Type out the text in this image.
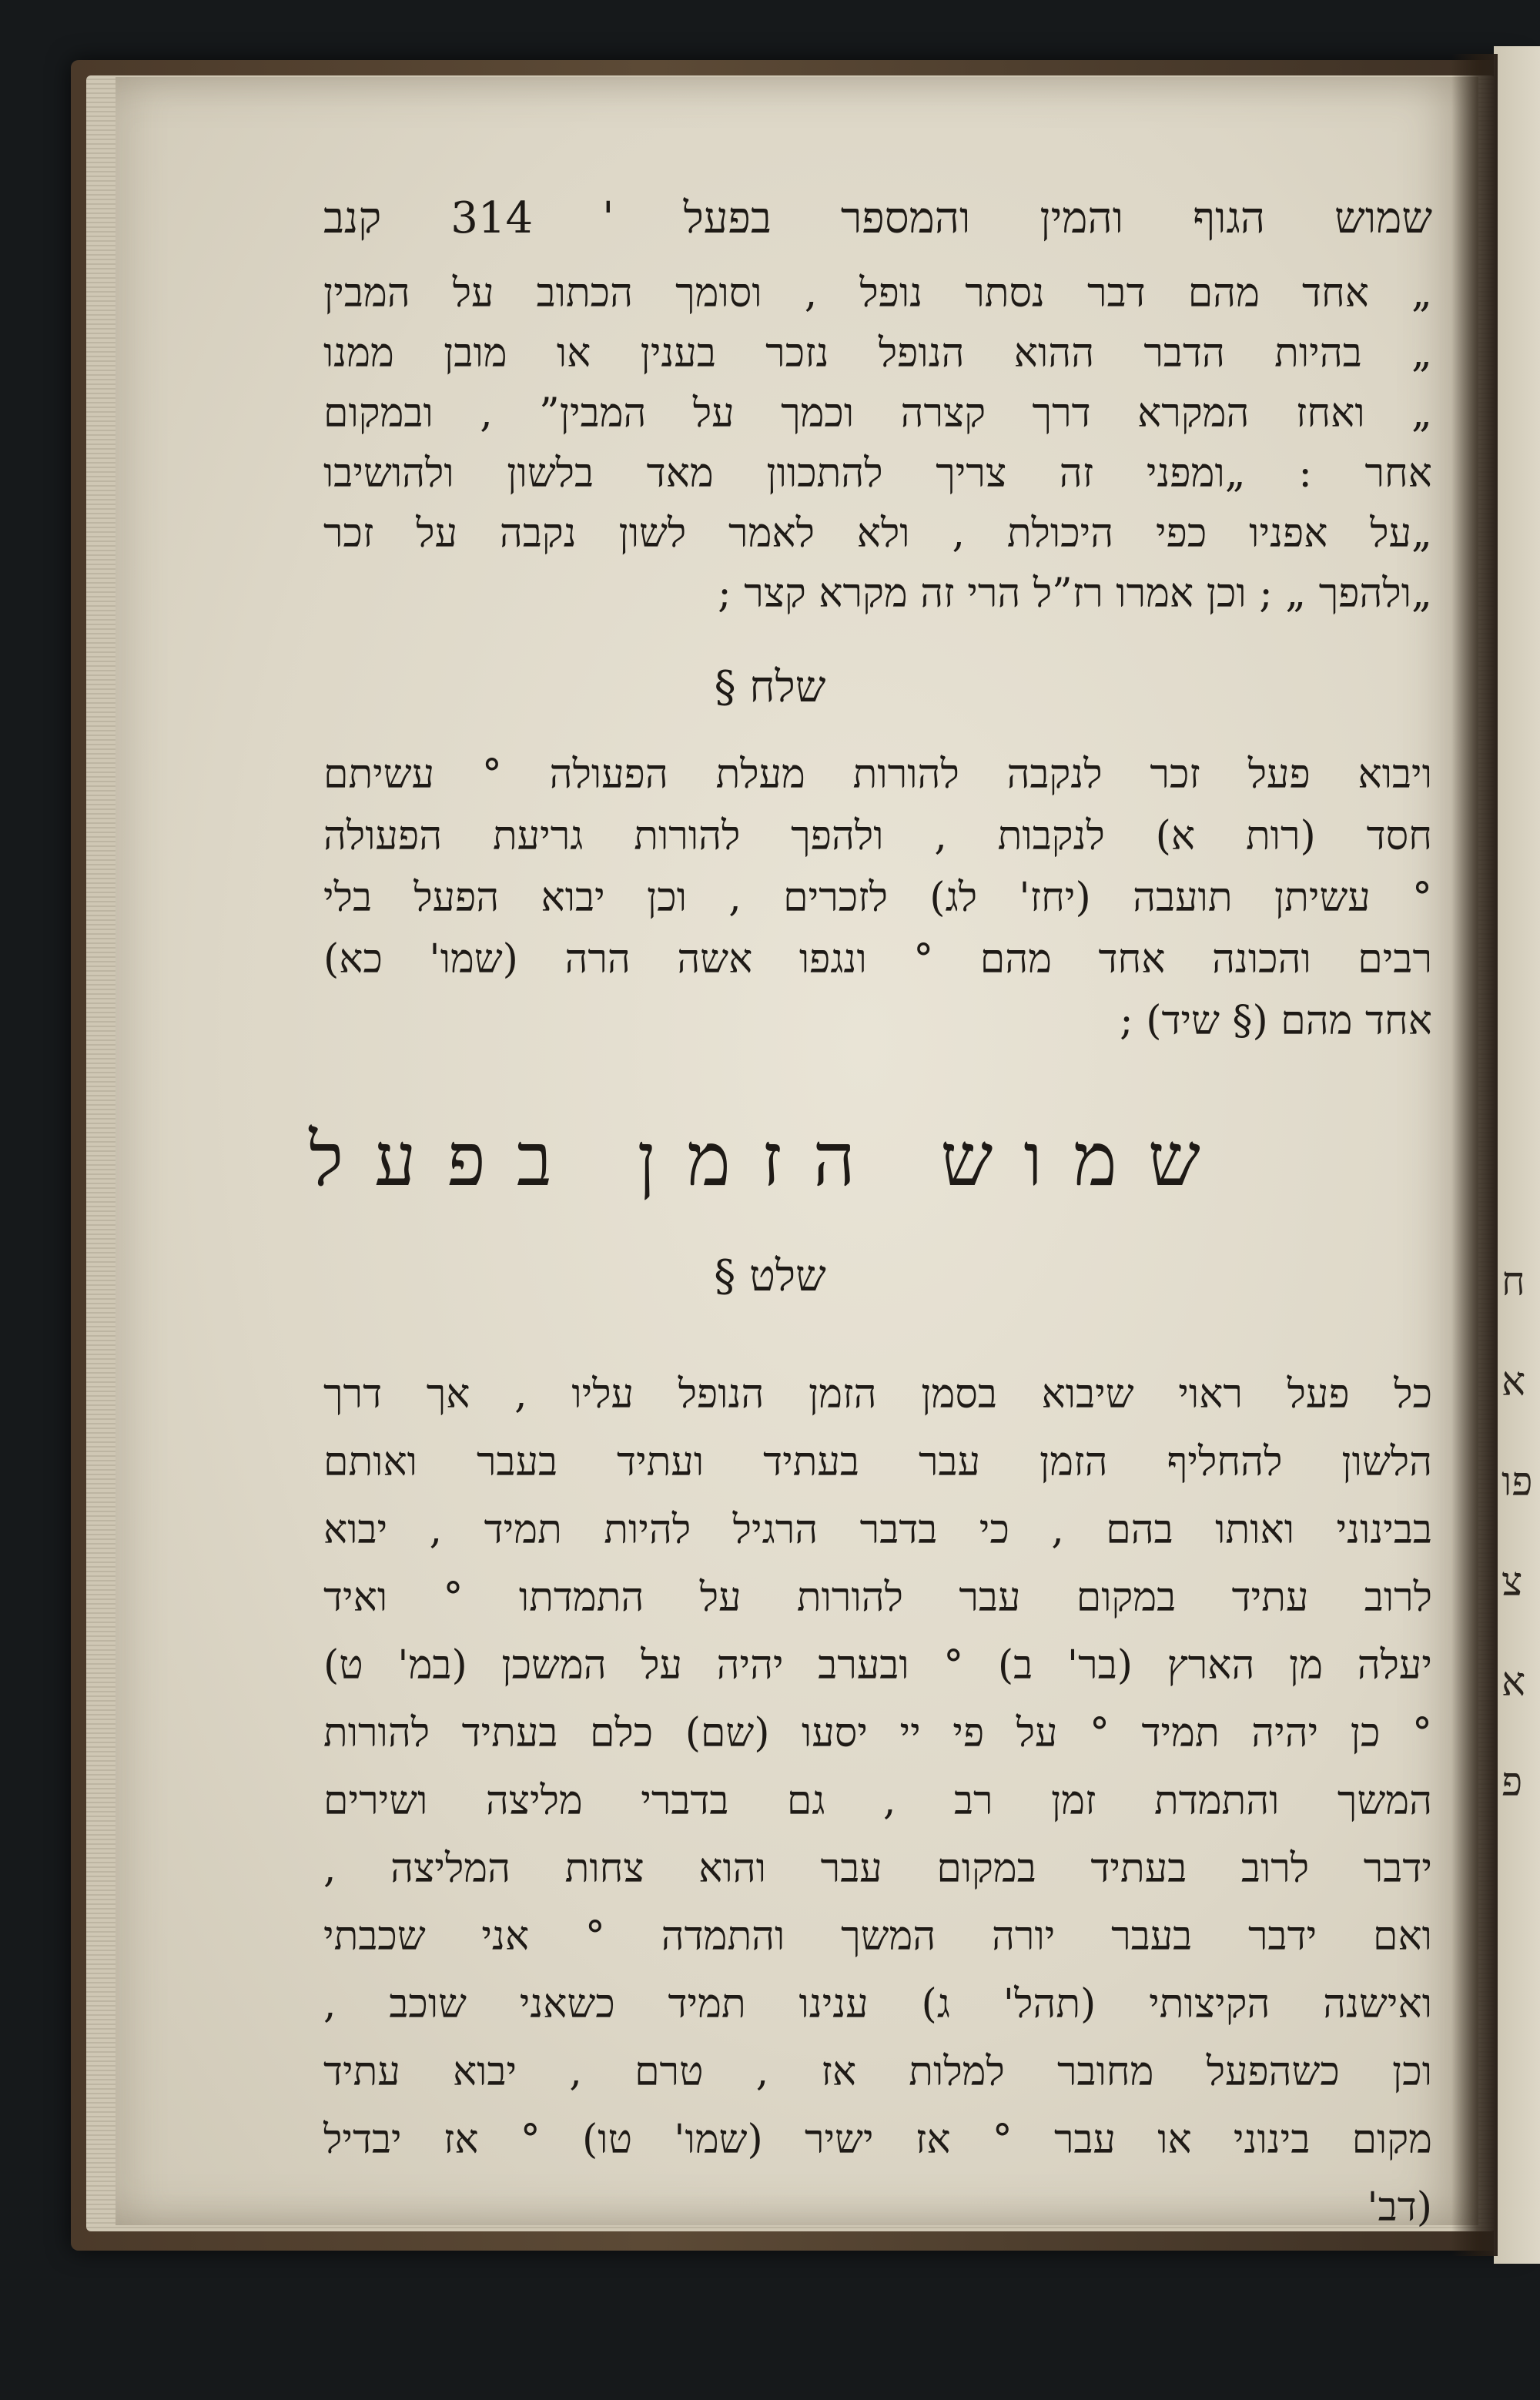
חאפוצאפ
שמוש הגוף והמין והמספר בפעל ' 314 קנב
„ אחד מהם דבר נסתר נופל , וסומך הכתוב על המבין
„ בהיות הדבר ההוא הנופל נזכר בענין או מובן ממנו
„ ואחז המקרא דרך קצרה וכמך על המבין” , ובמקום
אחר : „ומפני זה צריך להתכוון מאד בלשון ולהושיבו
„על אפניו כפי היכולת , ולא לאמר לשון נקבה על זכר
„ולהפך „ ; וכן אמרו רז”ל הרי זה מקרא קצר ;
§ שלח
ויבוא פעל זכר לנקבה להורות מעלת הפעולה ° עשיתם
חסד (רות א) לנקבות , ולהפך להורות גריעת הפעולה
° עשיתן תועבה (יחז' לג) לזכרים , וכן יבוא הפעל בלי
רבים והכונה אחד מהם ° ונגפו אשה הרה (שמו' כא)
אחד מהם (§ שיד) ;
שמוש הזמן בפעל
§ שלט
כל פעל ראוי שיבוא בסמן הזמן הנופל עליו , אך דרך
הלשון להחליף הזמן עבר בעתיד ועתיד בעבר ואותם
בבינוני ואותו בהם , כי בדבר הרגיל להיות תמיד , יבוא
לרוב עתיד במקום עבר להורות על התמדתו ° ואיד
יעלה מן הארץ (בר' ב) ° ובערב יהיה על המשכן (במ' ט)
° כן יהיה תמיד ° על פי יי יסעו (שם) כלם בעתיד להורות
המשך והתמדת זמן רב , גם בדברי מליצה ושירים
ידבר לרוב בעתיד במקום עבר והוא צחות המליצה ,
ואם ידבר בעבר יורה המשך והתמדה ° אני שכבתי
ואישנה הקיצותי (תהל' ג) ענינו תמיד כשאני שוכב ,
וכן כשהפעל מחובר למלות אז , טרם , יבוא עתיד
מקום בינוני או עבר ° אז ישיר (שמו' טו) ° אז יבדיל
(דב'
